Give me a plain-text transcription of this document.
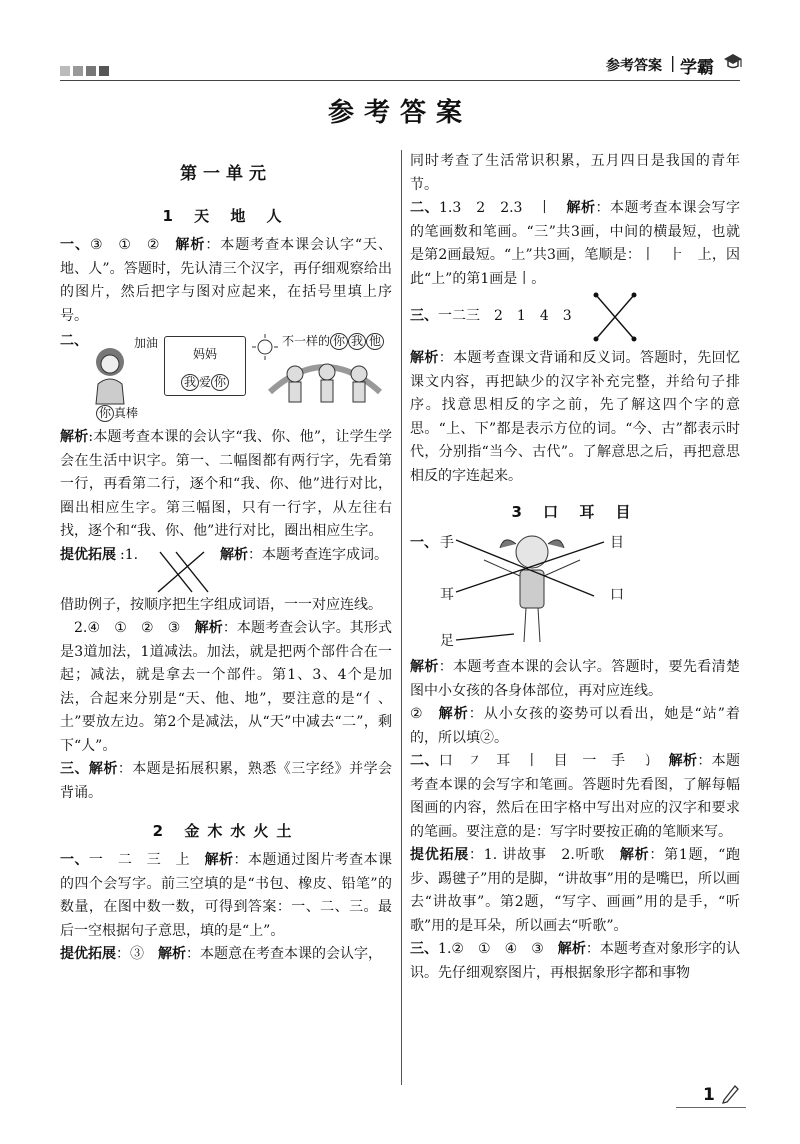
参考答案 | 学霸
参考答案
第一单元
1 天 地 人

一、③　①　②　 解析：本题考查本课会认字“天、地、人”。答题时，先认清三个汉字，再仔细观察给出的图片，然后把字与图对应起来，在括号里填上序号。

二、	加油
你 真棒
妈妈
我 爱 你
不一样的 你 我 他

解析:本题考查本课的会认字“我、你、他”，让学生学会在生活中识字。第一、二幅图都有两行字，先看第一行，再看第二行，逐个和“我、你、他”进行对比，圈出相应生字。第三幅图，只有一行字，从左往右找，逐个和“我、你、他”进行对比，圈出相应生字。

提优拓展 :1.	解析：本题考查连字成词。

借助例子，按顺序把生字组成词语，一一对应连线。

2.④　①　②　③　 解析：本题考查会认字。其形式是3道加法，1道减法。加法，就是把两个部件合在一起；减法，就是拿去一个部件。第1、3、4个是加法，合起来分别是“天、他、地”，要注意的是“亻、土”要放左边。第2个是减法，从“天”中减去“二”，剩下“人”。

三、解析：本题是拓展积累，熟悉《三字经》并学会背诵。

2 金木水火土

一、一　二　三　上　 解析：本题通过图片考查本课的四个会写字。前三空填的是“书包、橡皮、铅笔”的数量，在图中数一数，可得到答案：一、二、三。最后一空根据句子意思，填的是“上”。

提优拓展：③　 解析：本题意在考查本课的会认字，

同时考查了生活常识积累，五月四日是我国的青年节。

二、1.3　2　2.3　丨　 解析：本题考查本课会写字的笔画数和笔画。“三”共3画，中间的横最短，也就是第2画最短。“上”共3画，笔顺是：丨　⺊　上，因此“上”的第1画是丨。

三、一二三　2　1　4　3

解析：本题考查课文背诵和反义词。答题时，先回忆课文内容，再把缺少的汉字补充完整，并给句子排序。找意思相反的字之前，先了解这四个字的意思。“上、下”都是表示方位的词。“今、古”都表示时代，分别指“当今、古代”。了解意思之后，再把意思相反的字连起来。

3 口 耳 目
一、 手
耳
足
目
口

解析：本题考查本课的会认字。答题时，要先看清楚图中小女孩的各身体部位，再对应连线。

②　 解析：从小女孩的姿势可以看出，她是“站”着的，所以填②。

二、口　㇇　耳　丨　目　一　手　㇁　 解析：本题考查本课的会写字和笔画。答题时先看图，了解每幅图画的内容，然后在田字格中写出对应的汉字和要求的笔画。要注意的是：写字时要按正确的笔顺来写。

提优拓展：1. 讲故事　2.听歌　 解析：第1题，“跑步、踢毽子”用的是脚，“讲故事”用的是嘴巴，所以画去“讲故事”。第2题，“写字、画画”用的是手，“听歌”用的是耳朵，所以画去“听歌”。

三、1.②　①　④　③　 解析：本题考查对象形字的认识。先仔细观察图片，再根据象形字都和事物

1
